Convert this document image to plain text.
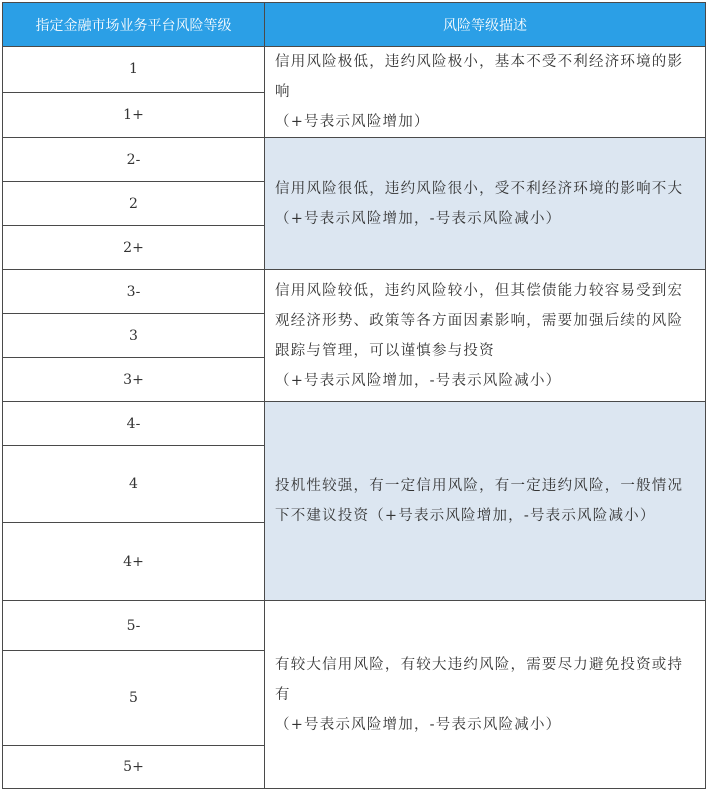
指定金融市场业务平台风险等级	风险等级描述
1	信用风险极低，违约风险极小，基本不受不利经济环境的影响
（+号表示风险增加）

1+	
2-	信用风险很低，违约风险很小，受不利经济环境的影响不大
（+号表示风险增加，-号表示风险减小）

2	
2+	
3-	信用风险较低，违约风险较小，但其偿债能力较容易受到宏观经济形势、政策等各方面因素影响，需要加强后续的风险跟踪与管理，可以谨慎参与投资
（+号表示风险增加，-号表示风险减小）

3	
3+	
4-	投机性较强，有一定信用风险，有一定违约风险，一般情况下不建议投资（+号表示风险增加，-号表示风险减小）

4	
4+	
5-	有较大信用风险，有较大违约风险，需要尽力避免投资或持有
（+号表示风险增加，-号表示风险减小）

5	
5+	
